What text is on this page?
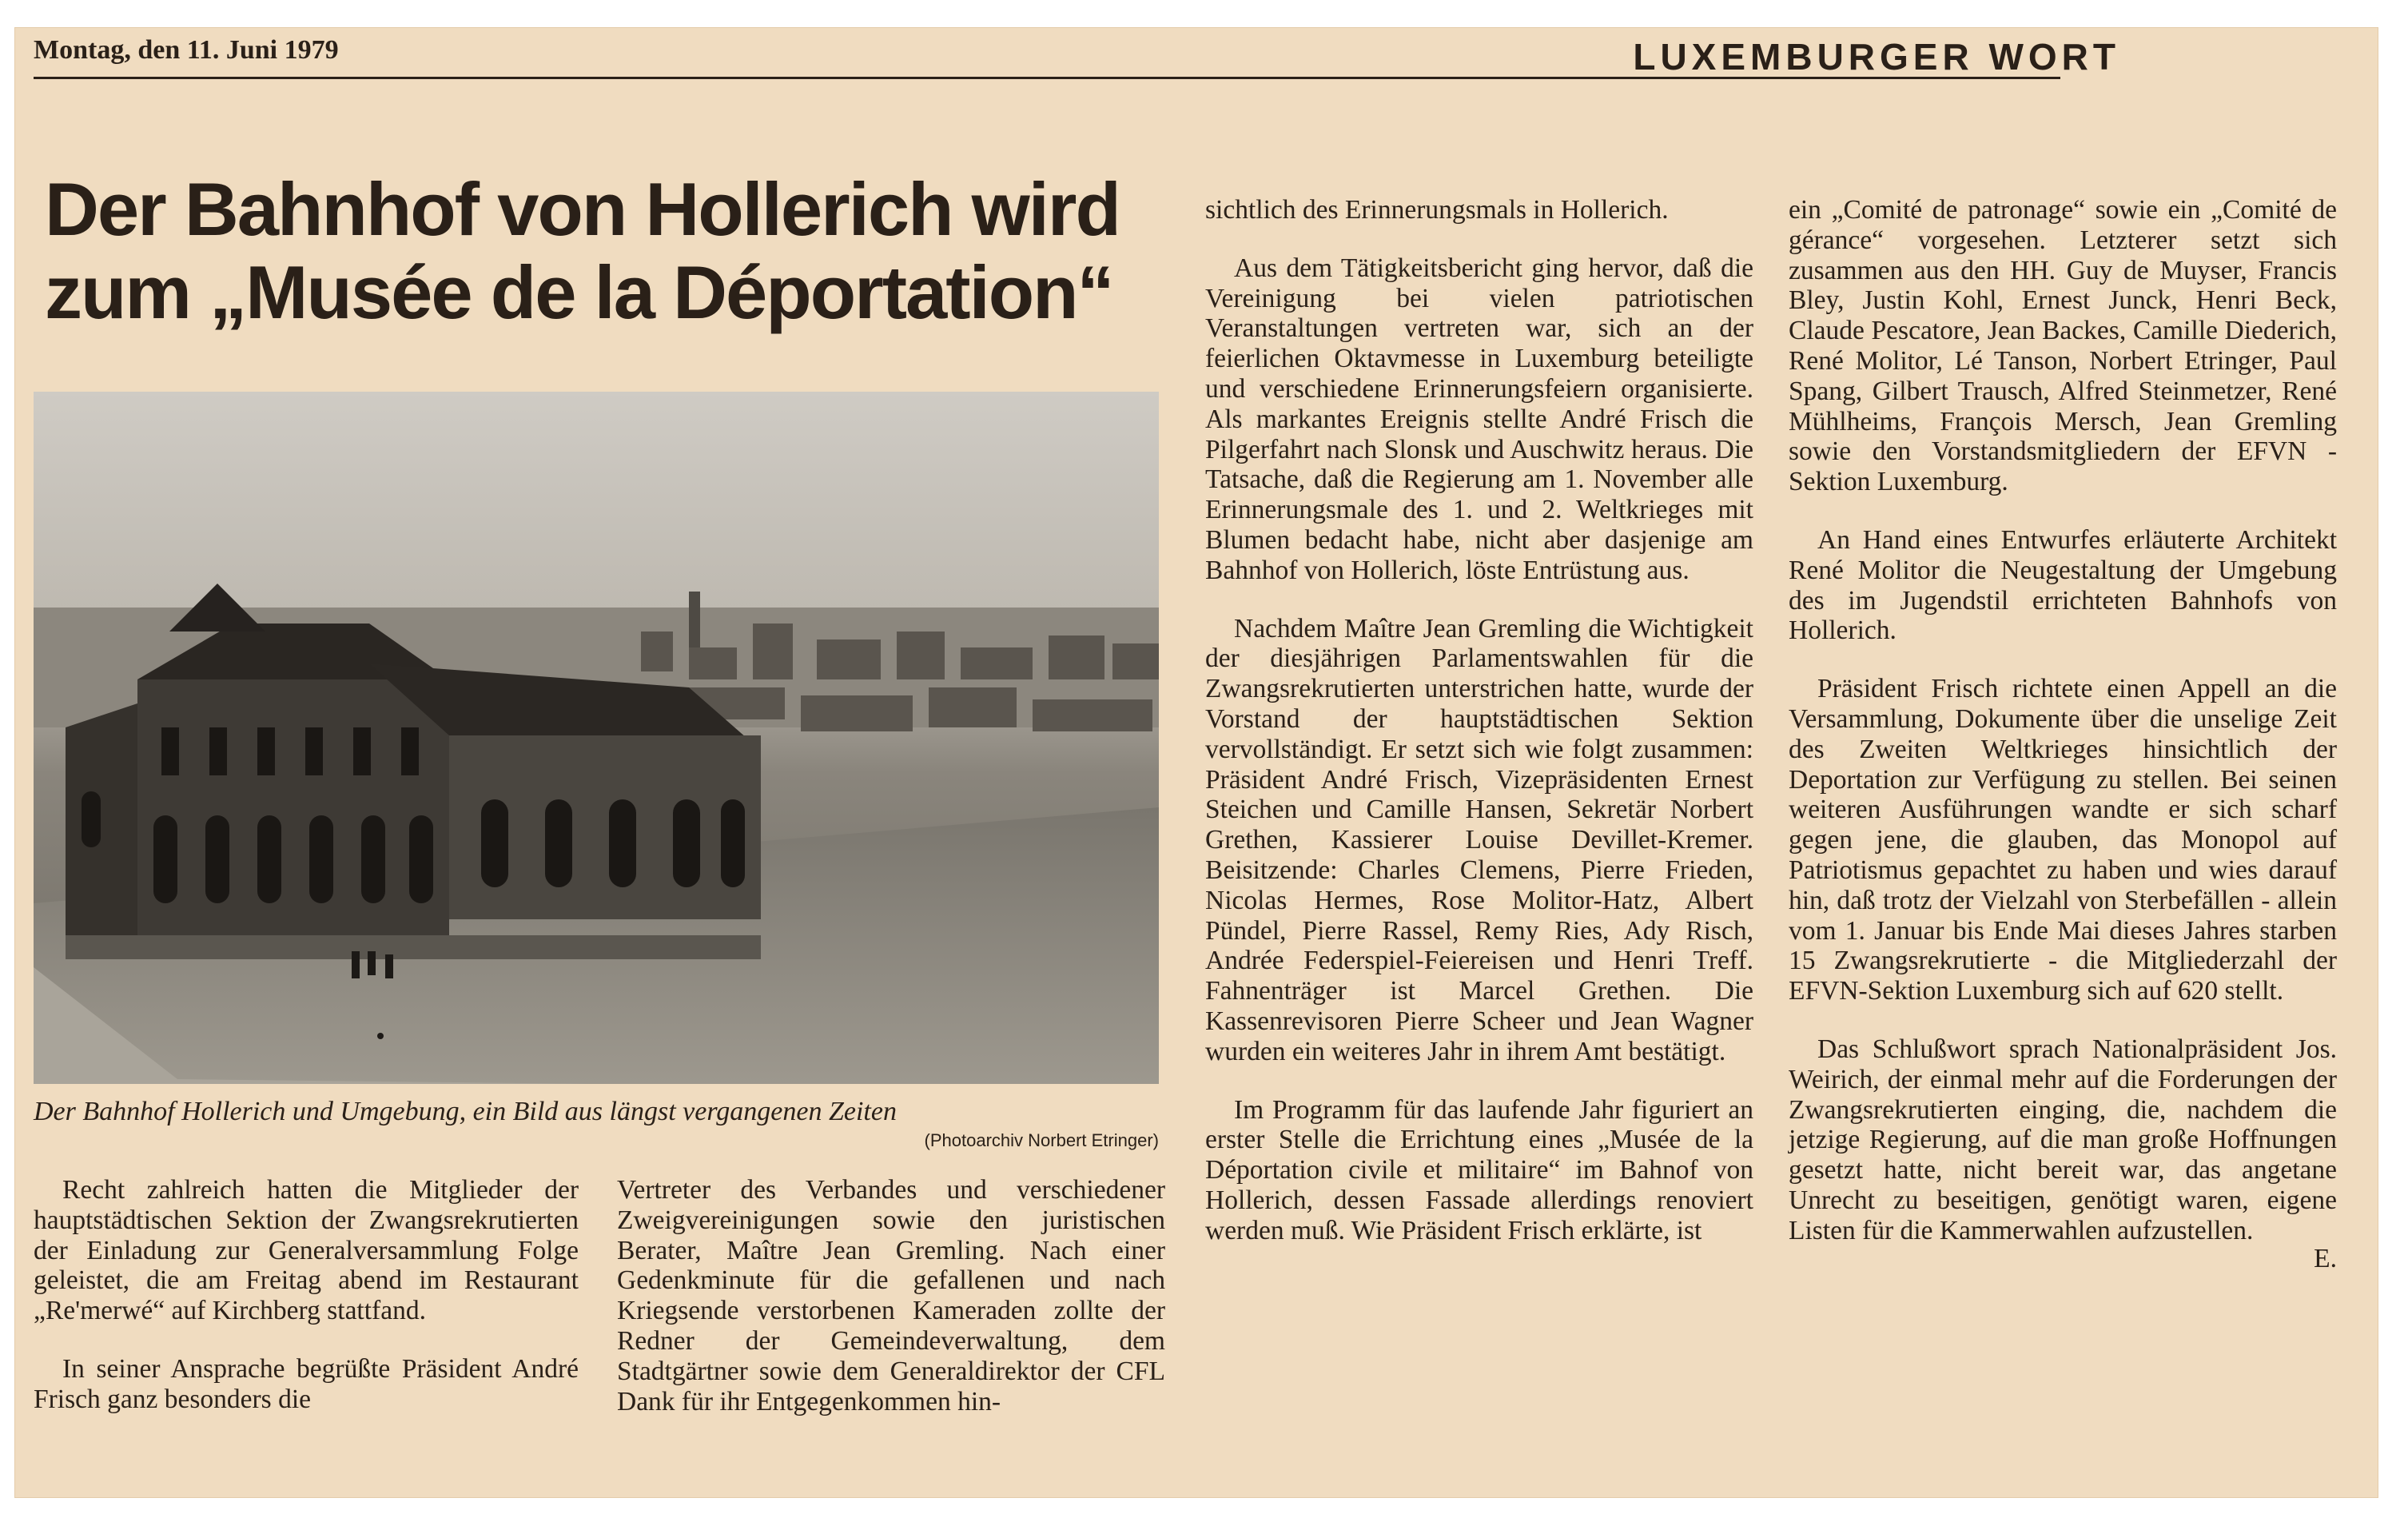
Montag, den 11. Juni 1979	LUXEMBURGER WORT
Der Bahnhof von Hollerich wird
zum „Musée de la Déportation“
Der Bahnhof Hollerich und Umgebung, ein Bild aus längst vergangenen Zeiten
(Photoarchiv Norbert Etringer)

Recht zahlreich hatten die Mitglieder der hauptstädtischen Sektion der Zwangsrekrutierten der Einladung zur Generalversammlung Folge geleistet, die am Freitag abend im Restaurant „Re'merwé“ auf Kirchberg stattfand.

In seiner Ansprache begrüßte Präsident André Frisch ganz besonders die

Vertreter des Verbandes und verschiedener Zweigvereinigungen sowie den juristischen Berater, Maître Jean Gremling. Nach einer Gedenkminute für die gefallenen und nach Kriegsende verstorbenen Kameraden zollte der Redner der Gemeindeverwaltung, dem Stadtgärtner sowie dem Generaldirektor der CFL Dank für ihr Entgegenkommen hin-

sichtlich des Erinnerungsmals in Hollerich.

Aus dem Tätigkeitsbericht ging hervor, daß die Vereinigung bei vielen patriotischen Veranstaltungen vertreten war, sich an der feierlichen Oktavmesse in Luxemburg beteiligte und verschiedene Erinnerungsfeiern organisierte. Als markantes Ereignis stellte André Frisch die Pilgerfahrt nach Slonsk und Auschwitz heraus. Die Tatsache, daß die Regierung am 1. November alle Erinnerungsmale des 1. und 2. Weltkrieges mit Blumen bedacht habe, nicht aber dasjenige am Bahnhof von Hollerich, löste Entrüstung aus.

Nachdem Maître Jean Gremling die Wichtigkeit der diesjährigen Parlamentswahlen für die Zwangsrekrutierten unterstrichen hatte, wurde der Vorstand der hauptstädtischen Sektion vervollständigt. Er setzt sich wie folgt zusammen: Präsident André Frisch, Vizepräsidenten Ernest Steichen und Camille Hansen, Sekretär Norbert Grethen, Kassierer Louise Devillet-Kremer. Beisitzende: Charles Clemens, Pierre Frieden, Nicolas Hermes, Rose Molitor-Hatz, Albert Pündel, Pierre Rassel, Remy Ries, Ady Risch, Andrée Federspiel-Feiereisen und Henri Treff. Fahnenträger ist Marcel Grethen. Die Kassenrevisoren Pierre Scheer und Jean Wagner wurden ein weiteres Jahr in ihrem Amt bestätigt.

Im Programm für das laufende Jahr figuriert an erster Stelle die Errichtung eines „Musée de la Déportation civile et militaire“ im Bahnof von Hollerich, dessen Fassade allerdings renoviert werden muß. Wie Präsident Frisch erklärte, ist

ein „Comité de patronage“ sowie ein „Comité de gérance“ vorgesehen. Letzterer setzt sich zusammen aus den HH. Guy de Muyser, Francis Bley, Justin Kohl, Ernest Junck, Henri Beck, Claude Pescatore, Jean Backes, Camille Diederich, René Molitor, Lé Tanson, Norbert Etringer, Paul Spang, Gilbert Trausch, Alfred Steinmetzer, René Mühlheims, François Mersch, Jean Gremling sowie den Vorstandsmitgliedern der EFVN - Sektion Luxemburg.

An Hand eines Entwurfes erläuterte Architekt René Molitor die Neugestaltung der Umgebung des im Jugendstil errichteten Bahnhofs von Hollerich.

Präsident Frisch richtete einen Appell an die Versammlung, Dokumente über die unselige Zeit des Zweiten Weltkrieges hinsichtlich der Deportation zur Verfügung zu stellen. Bei seinen weiteren Ausführungen wandte er sich scharf gegen jene, die glauben, das Monopol auf Patriotismus gepachtet zu haben und wies darauf hin, daß trotz der Vielzahl von Sterbefällen - allein vom 1. Januar bis Ende Mai dieses Jahres starben 15 Zwangsrekrutierte - die Mitgliederzahl der EFVN-Sektion Luxemburg sich auf 620 stellt.

Das Schlußwort sprach Nationalpräsident Jos. Weirich, der einmal mehr auf die Forderungen der Zwangsrekrutierten einging, die, nachdem die jetzige Regierung, auf die man große Hoffnungen gesetzt hatte, nicht bereit war, das angetane Unrecht zu beseitigen, genötigt waren, eigene Listen für die Kammerwahlen aufzustellen.

E.
